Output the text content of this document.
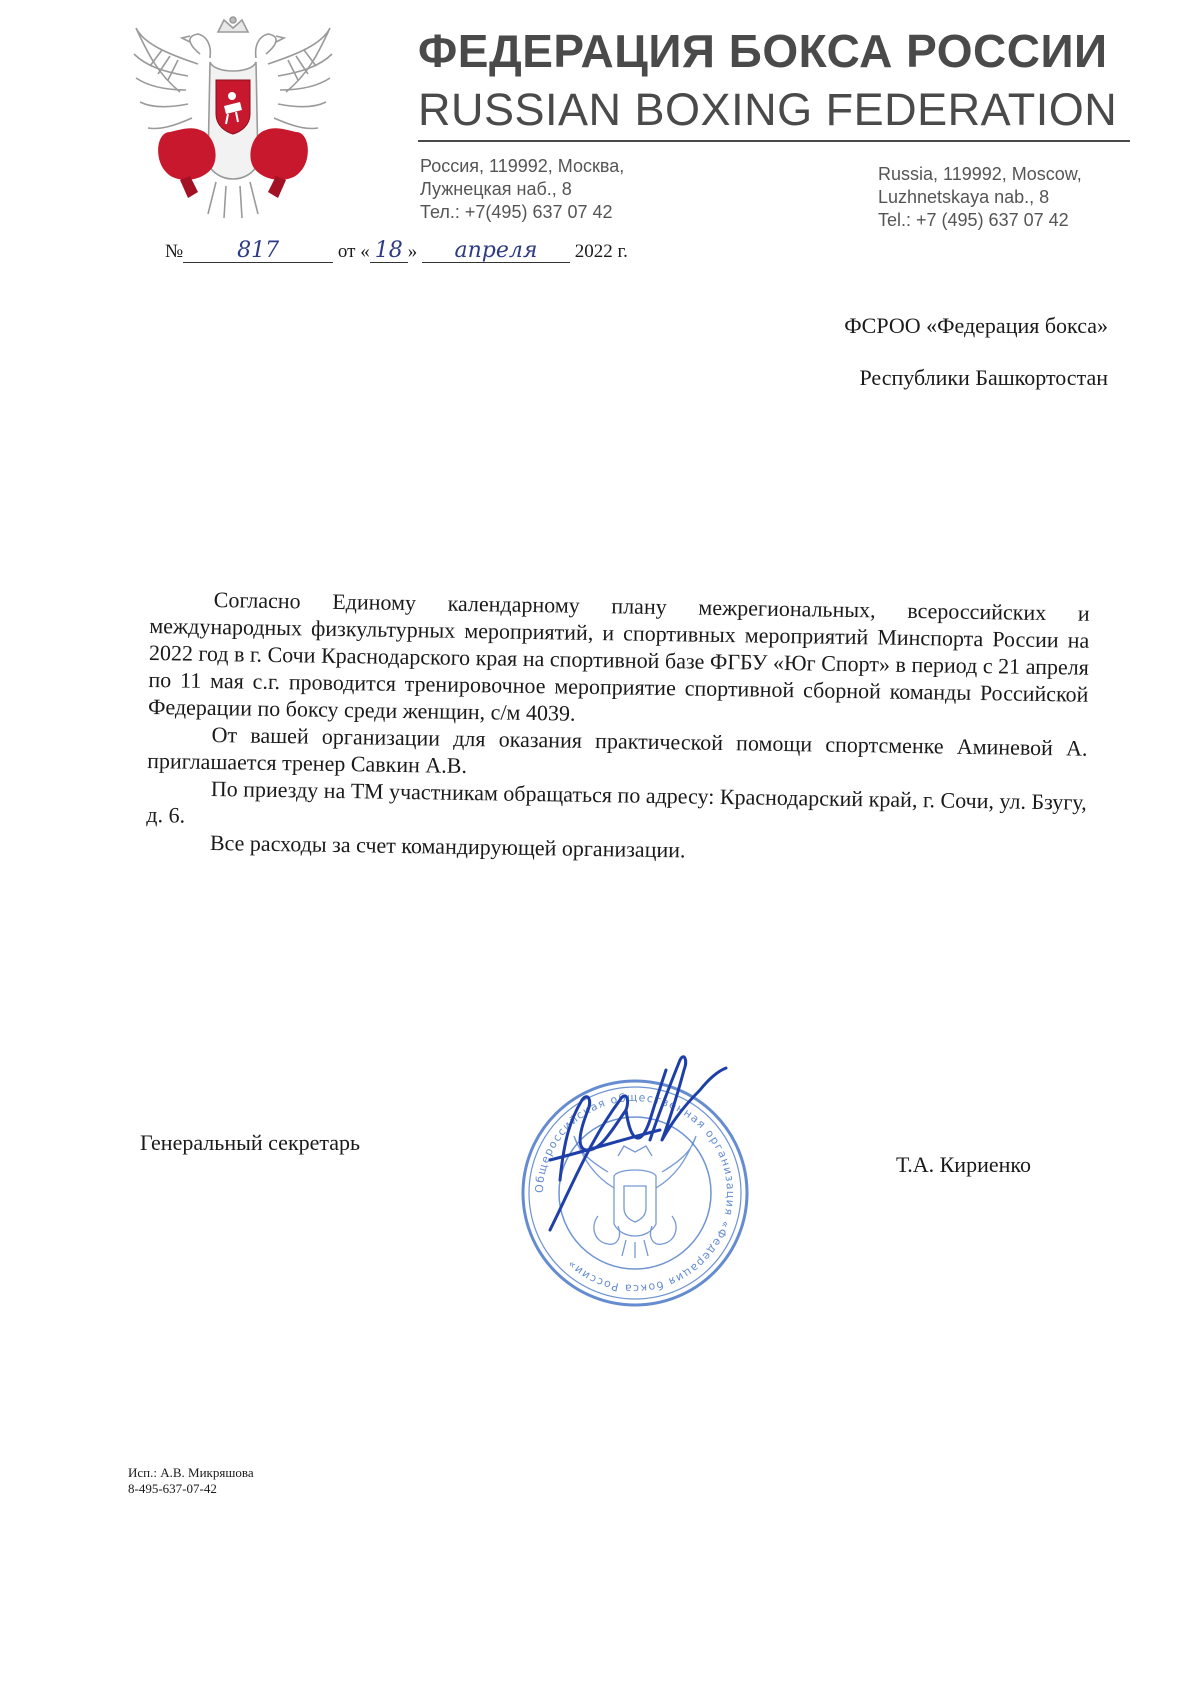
ФЕДЕРАЦИЯ БОКСА РОССИИ
RUSSIAN BOXING FEDERATION
Россия, 119992, Москва,
Лужнецкая наб., 8
Тел.: +7(495) 637 07 42
Russia, 119992, Moscow,
Luzhnetskaya nab., 8
Tel.: +7 (495) 637 07 42
№ 817	от « 18 » апреля 2022 г.
ФСРОО «Федерация бокса»
Республики Башкортостан

Согласно Единому календарному плану межрегиональных, всероссийских и международных физкультурных мероприятий, и спортивных мероприятий Минспорта России на 2022 год в г. Сочи Краснодарского края на спортивной базе ФГБУ «Юг Спорт» в период с 21 апреля по 11 мая с.г. проводится тренировочное мероприятие спортивной сборной команды Российской Федерации по боксу среди женщин, с/м 4039.

От вашей организации для оказания практической помощи спортсменке Аминевой А. приглашается тренер Савкин А.В.

По приезду на ТМ участникам обращаться по адресу: Краснодарский край, г. Сочи, ул. Бзугу, д. 6.

Все расходы за счет командирующей организации.

Генеральный секретарь
Т.А. Кириенко
Общероссийская общественная организация «Федерация бокса России»
Исп.: А.В. Микряшова
8-495-637-07-42
